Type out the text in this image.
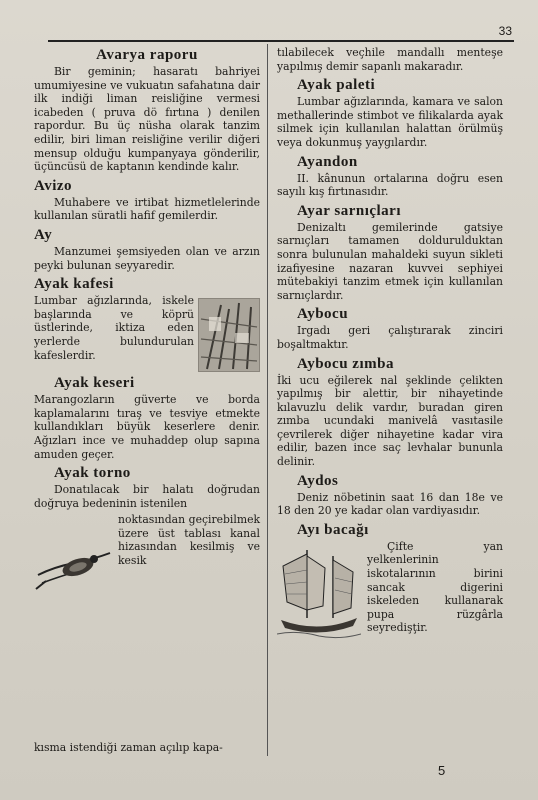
33
Avarya raporu

Bir geminin; hasaratı bahriyei umumiyesine ve vukuatın safahatına dair ilk indiği liman reisliğine vermesi icabeden ( pruva dö fırtına ) denilen rapordur. Bu üç nüsha olarak tanzim edilir, biri liman reisliğine verilir diğeri mensup olduğu kumpanyaya gönderilir, üçüncüsü de kaptanın kendinde kalır.

Avizo

Muhabere ve irtibat hizmetlelerinde kullanılan süratli hafif gemilerdir.

Ay

Manzumei şemsiyeden olan ve arzın peyki bulunan seyyaredir.

Ayak kafesi

Lumbar ağızlarında, iskele başlarında ve köprü üstlerinde, iktiza eden yerlerde bulundurulan kafeslerdir.

Ayak keseri

Marangozların güverte ve borda kaplamalarını tıraş ve tesviye etmekte kullandıkları büyük keserlere denir. Ağızları ince ve muhaddep olup sapına amuden geçer.

Ayak torno

Donatılacak bir halatı doğrudan doğruya bedeninin istenilen

noktasından geçirebilmek üzere üst tablası kanal hizasından kesilmiş ve kesik

kısma istendiği zaman açılıp kapa-

tılabilecek veçhile mandallı menteşe yapılmış demir sapanlı makaradır.

Ayak paleti

Lumbar ağızlarında, kamara ve salon methallerinde stimbot ve filikalarda ayak silmek için kullanılan halattan örülmüş veya dokunmuş yaygılardır.

Ayandon

II. kânunun ortalarına doğru esen sayılı kış fırtınasıdır.

Ayar sarnıçları

Denizaltı gemilerinde gatsiye sarnıçları tamamen doldurulduktan sonra bulunulan mahaldeki suyun sikleti izafiyesine nazaran kuvvei sephiyei mütebakiyi tanzim etmek için kullanılan sarnıçlardır.

Aybocu

Irgadı geri çalıştırarak zinciri boşaltmaktır.

Aybocu zımba

İki ucu eğilerek nal şeklinde çelikten yapılmış bir alettir, bir nihayetinde kılavuzlu delik vardır, buradan giren zımba ucundaki manivelâ vasıtasile çevrilerek diğer nihayetine kadar vira edilir, bazen ince saç levhalar bununla delinir.

Aydos

Deniz nöbetinin saat 16 dan 18e ve 18 den 20 ye kadar olan vardiyasıdır.

Ayı bacağı

Çifte yan yelkenlerinin iskotalarının birini sancak digerini iskeleden kullanarak pupa rüzgârla seyredişţir.

5
